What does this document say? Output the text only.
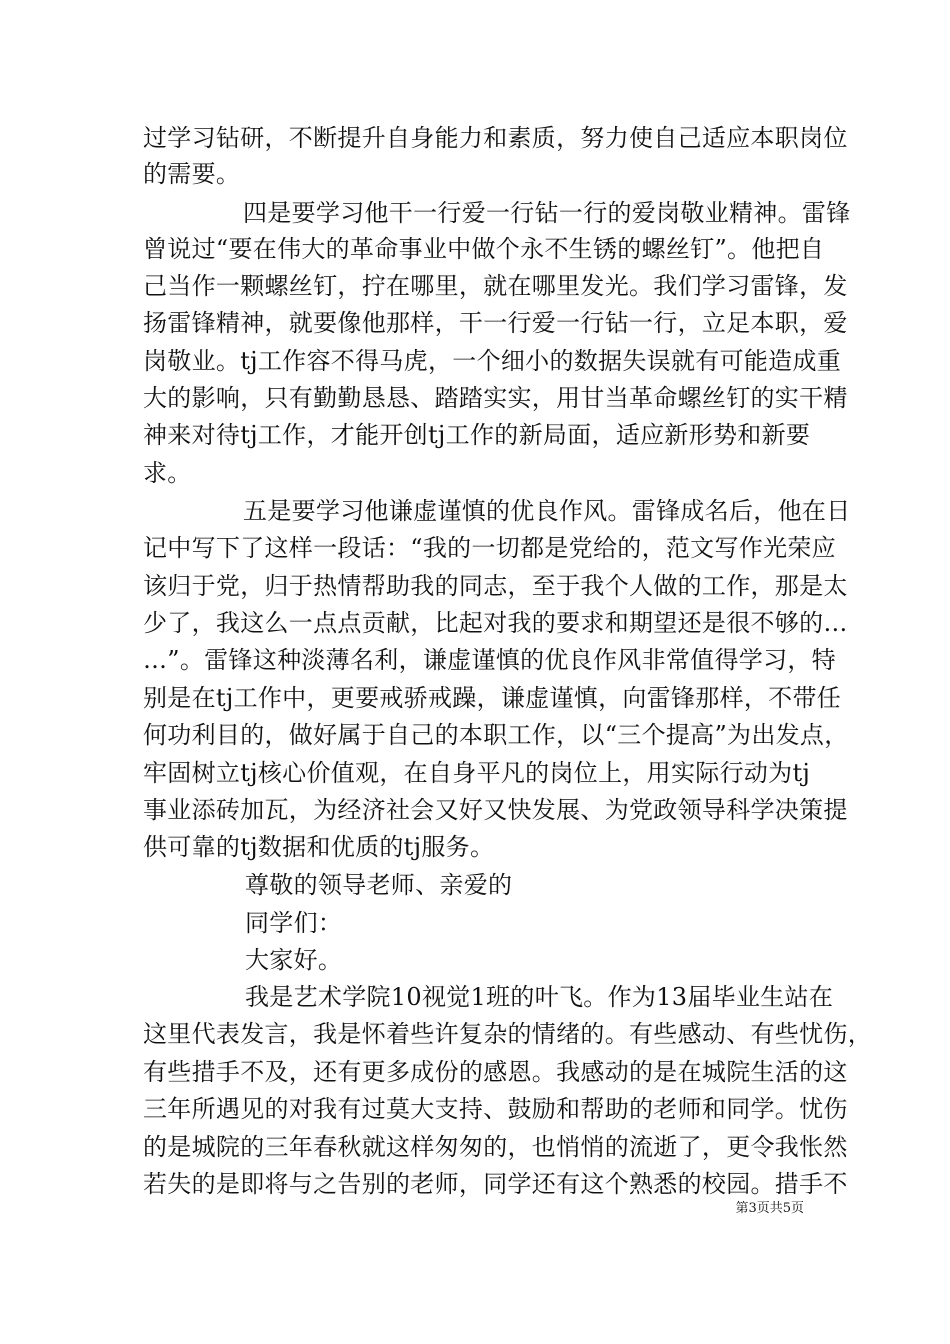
过学习钻研，不断提升自身能力和素质，努力使自己适应本职岗位
的需要。
四是要学习他干一行爱一行钻一行的爱岗敬业精神。雷锋
曾说过“要在伟大的革命事业中做个永不生锈的螺丝钉”。他把自
己当作一颗螺丝钉，拧在哪里，就在哪里发光。我们学习雷锋，发
扬雷锋精神，就要像他那样，干一行爱一行钻一行，立足本职，爱
岗敬业。tj工作容不得马虎，一个细小的数据失误就有可能造成重
大的影响，只有勤勤恳恳、踏踏实实，用甘当革命螺丝钉的实干精
神来对待tj工作，才能开创tj工作的新局面，适应新形势和新要
求。
五是要学习他谦虚谨慎的优良作风。雷锋成名后，他在日
记中写下了这样一段话：“我的一切都是党给的，范文写作光荣应
该归于党，归于热情帮助我的同志，至于我个人做的工作，那是太
少了，我这么一点点贡献，比起对我的要求和期望还是很不够的…
…”。雷锋这种淡薄名利，谦虚谨慎的优良作风非常值得学习，特
别是在tj工作中，更要戒骄戒躁，谦虚谨慎，向雷锋那样，不带任
何功利目的，做好属于自己的本职工作，以“三个提高”为出发点，
牢固树立tj核心价值观，在自身平凡的岗位上，用实际行动为tj
事业添砖加瓦，为经济社会又好又快发展、为党政领导科学决策提
供可靠的tj数据和优质的tj服务。
尊敬的领导老师、亲爱的
同学们：
大家好。
我是艺术学院10视觉1班的叶飞。作为13届毕业生站在
这里代表发言，我是怀着些许复杂的情绪的。有些感动、有些忧伤，
有些措手不及，还有更多成份的感恩。我感动的是在城院生活的这
三年所遇见的对我有过莫大支持、鼓励和帮助的老师和同学。忧伤
的是城院的三年春秋就这样匆匆的，也悄悄的流逝了，更令我怅然
若失的是即将与之告别的老师，同学还有这个熟悉的校园。措手不
第3页共5页
